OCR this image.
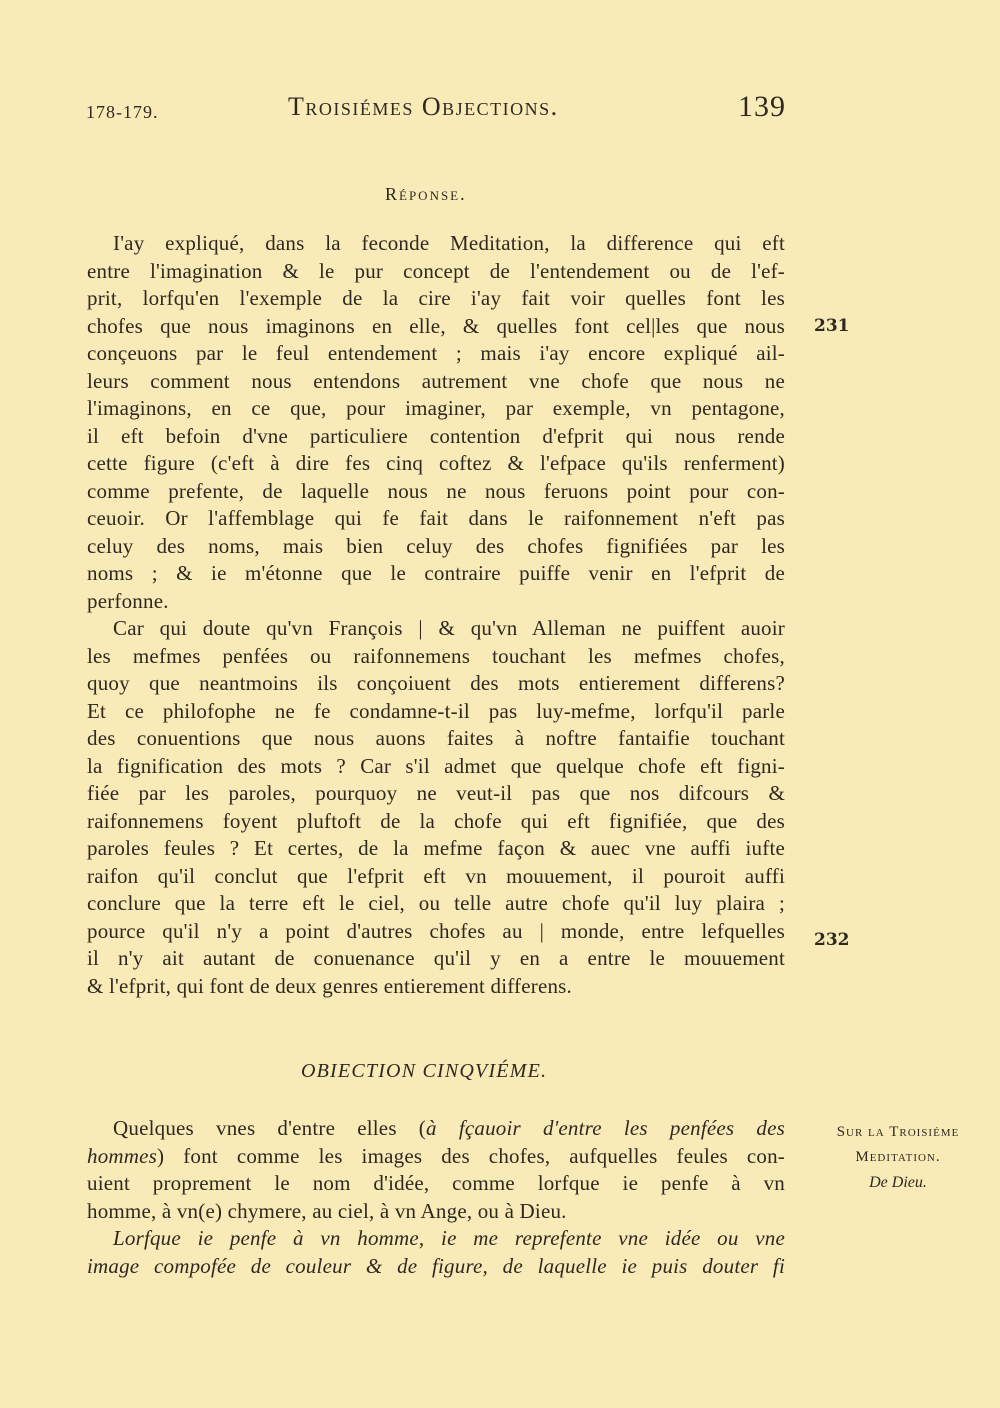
178-179.	Troisiémes Objections.	139
Réponse.
I'ay expliqué, dans la feconde Meditation, la difference qui eft
entre l'imagination & le pur concept de l'entendement ou de l'ef-
prit, lorfqu'en l'exemple de la cire i'ay fait voir quelles font les
chofes que nous imaginons en elle, & quelles font cel|les que nous
conçeuons par le feul entendement ; mais i'ay encore expliqué ail-
leurs comment nous entendons autrement vne chofe que nous ne
l'imaginons, en ce que, pour imaginer, par exemple, vn pentagone,
il eft befoin d'vne particuliere contention d'efprit qui nous rende
cette figure (c'eft à dire fes cinq coftez & l'efpace qu'ils renferment)
comme prefente, de laquelle nous ne nous feruons point pour con-
ceuoir. Or l'affemblage qui fe fait dans le raifonnement n'eft pas
celuy des noms, mais bien celuy des chofes fignifiées par les
noms ; & ie m'étonne que le contraire puiffe venir en l'efprit de
perfonne.
Car qui doute qu'vn François | & qu'vn Alleman ne puiffent auoir
les mefmes penfées ou raifonnemens touchant les mefmes chofes,
quoy que neantmoins ils conçoiuent des mots entierement differens?
Et ce philofophe ne fe condamne-t-il pas luy-mefme, lorfqu'il parle
des conuentions que nous auons faites à noftre fantaifie touchant
la fignification des mots ? Car s'il admet que quelque chofe eft figni-
fiée par les paroles, pourquoy ne veut-il pas que nos difcours &
raifonnemens foyent pluftoft de la chofe qui eft fignifiée, que des
paroles feules ? Et certes, de la mefme façon & auec vne auffi iufte
raifon qu'il conclut que l'efprit eft vn mouuement, il pouroit auffi
conclure que la terre eft le ciel, ou telle autre chofe qu'il luy plaira ;
pource qu'il n'y a point d'autres chofes au | monde, entre lefquelles
il n'y ait autant de conuenance qu'il y en a entre le mouuement
& l'efprit, qui font de deux genres entierement differens.
OBIECTION CINQVIÉME.
Quelques vnes d'entre elles (à fçauoir d'entre les penfées des
hommes) font comme les images des chofes, aufquelles feules con-
uient proprement le nom d'idée, comme lorfque ie penfe à vn
homme, à vn(e) chymere, au ciel, à vn Ange, ou à Dieu.
Lorfque ie penfe à vn homme, ie me reprefente vne idée ou vne
image compofée de couleur & de figure, de laquelle ie puis douter fi
231
232
Sur la Troisiéme
Meditation.
De Dieu.
